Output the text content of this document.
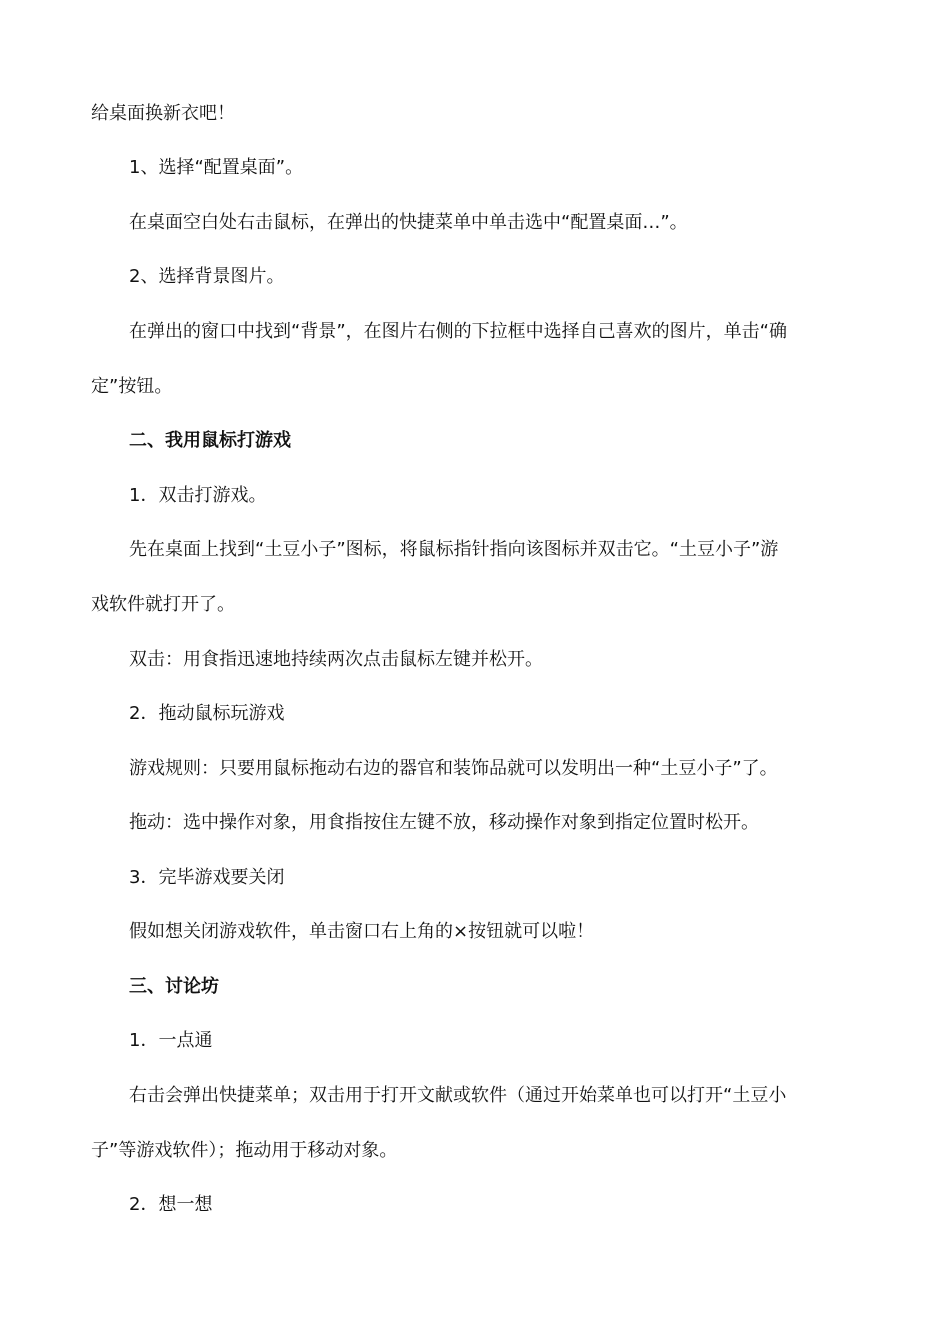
给桌面换新衣吧！
1、选择“配置桌面”。
在桌面空白处右击鼠标，在弹出的快捷菜单中单击选中“配置桌面…”。
2、选择背景图片。
在弹出的窗口中找到“背景”，在图片右侧的下拉框中选择自己喜欢的图片，单击“确
定”按钮。
二、我用鼠标打游戏
1．双击打游戏。
先在桌面上找到“土豆小子”图标，将鼠标指针指向该图标并双击它。“土豆小子”游
戏软件就打开了。
双击：用食指迅速地持续两次点击鼠标左键并松开。
2．拖动鼠标玩游戏
游戏规则：只要用鼠标拖动右边的器官和装饰品就可以发明出一种“土豆小子”了。
拖动：选中操作对象，用食指按住左键不放，移动操作对象到指定位置时松开。
3．完毕游戏要关闭
假如想关闭游戏软件，单击窗口右上角的×按钮就可以啦！
三、讨论坊
1．一点通
右击会弹出快捷菜单；双击用于打开文献或软件（通过开始菜单也可以打开“土豆小
子”等游戏软件）；拖动用于移动对象。
2．想一想
